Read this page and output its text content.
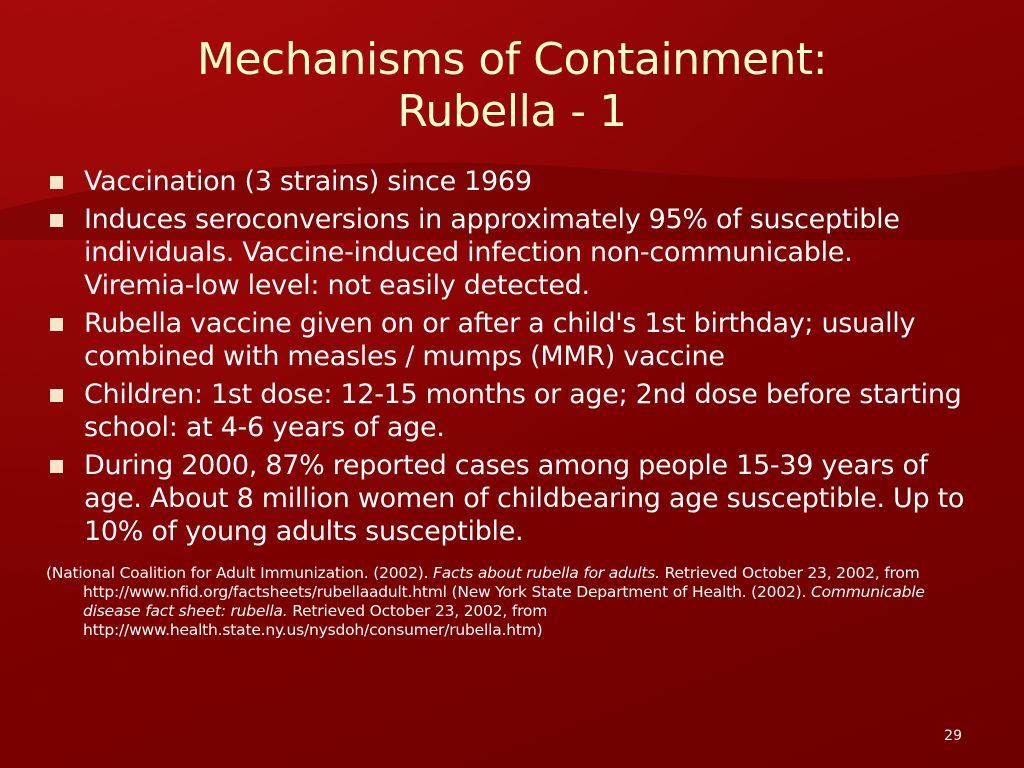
Mechanisms of Containment:
Rubella - 1
Vaccination (3 strains) since 1969
Induces seroconversions in approximately 95% of susceptible individuals. Vaccine-induced infection non-communicable. Viremia-low level: not easily detected.
Rubella vaccine given on or after a child's 1st birthday; usually combined with measles / mumps (MMR) vaccine
Children: 1st dose: 12-15 months or age; 2nd dose before starting school: at 4-6 years of age.
During 2000, 87% reported cases among people 15-39 years of age. About 8 million women of childbearing age susceptible. Up to 10% of young adults susceptible.
(National Coalition for Adult Immunization. (2002). Facts about rubella for adults. Retrieved October 23, 2002, from http://www.nfid.org/factsheets/rubellaadult.html (New York State Department of Health. (2002). Communicable disease fact sheet: rubella. Retrieved October 23, 2002, from http://www.health.state.ny.us/nysdoh/consumer/rubella.htm)
29
